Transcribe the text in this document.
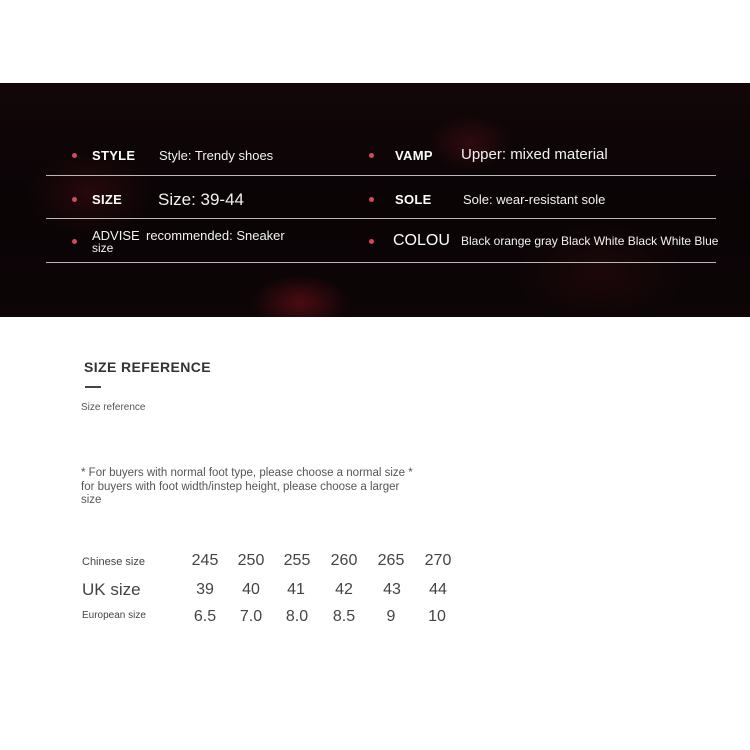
STYLE Style: Trendy shoes	VAMP Upper: mixed material
SIZE Size: 39-44	SOLE Sole: wear-resistant sole
ADVISE recommended: Sneaker
size	COLOU Black orange gray Black White Black White Blue
SIZE REFERENCE
Size reference
* For buyers with normal foot type, please choose a normal size * for buyers with foot width/instep height, please choose a larger size
Chinese size	245	250	255	260	265	270
UK size	39	40	41	42	43	44
European size	6.5	7.0	8.0	8.5	9	10
